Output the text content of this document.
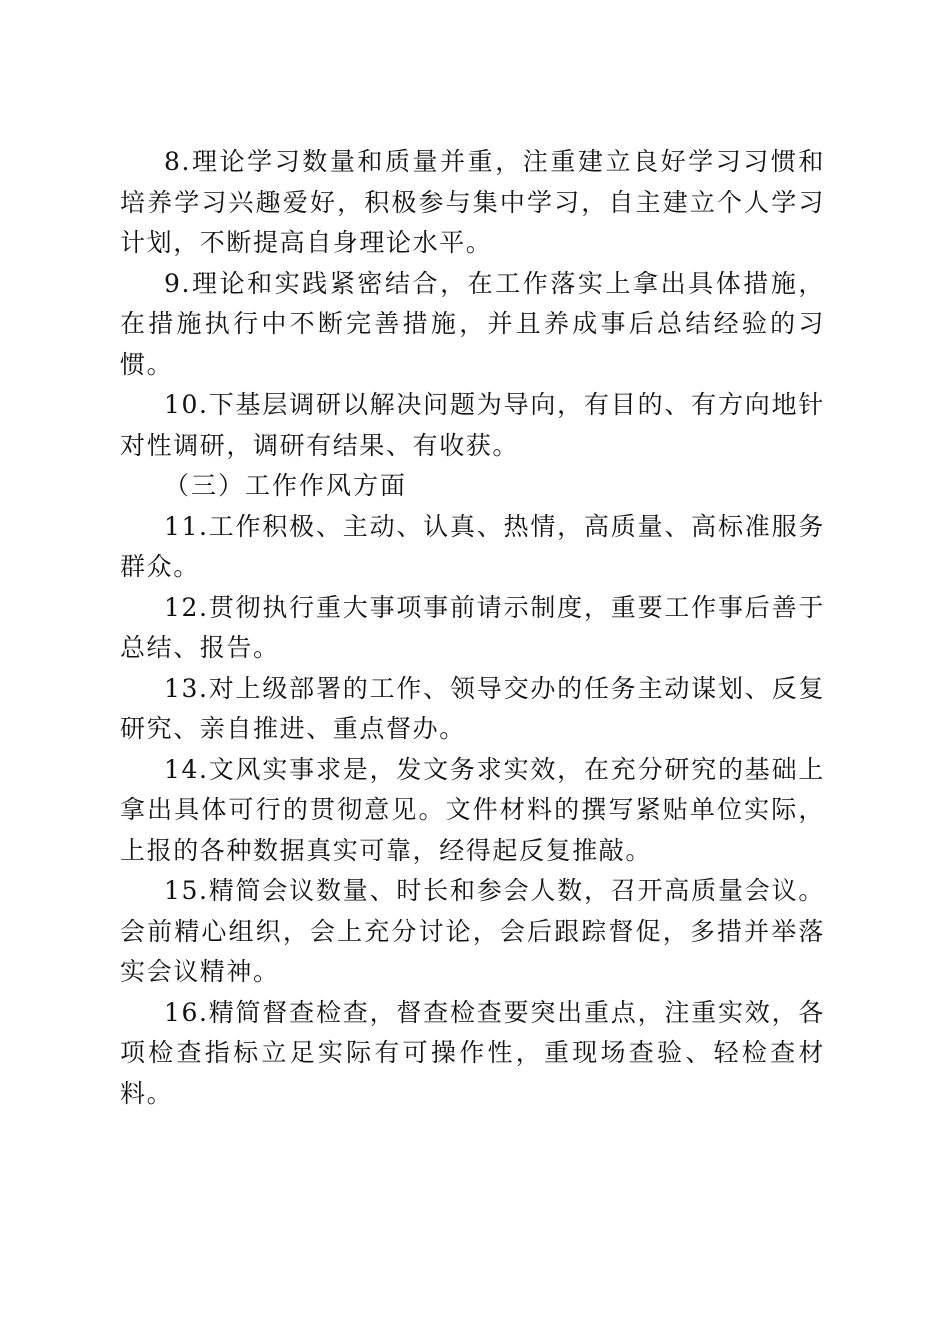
8.理论学习数量和质量并重，注重建立良好学习习惯和培养学习兴趣爱好，积极参与集中学习，自主建立个人学习计划，不断提高自身理论水平。

9.理论和实践紧密结合，在工作落实上拿出具体措施，在措施执行中不断完善措施，并且养成事后总结经验的习惯。

10.下基层调研以解决问题为导向，有目的、有方向地针对性调研，调研有结果、有收获。

（三）工作作风方面

11.工作积极、主动、认真、热情，高质量、高标准服务群众。

12.贯彻执行重大事项事前请示制度，重要工作事后善于总结、报告。

13.对上级部署的工作、领导交办的任务主动谋划、反复研究、亲自推进、重点督办。

14.文风实事求是，发文务求实效，在充分研究的基础上拿出具体可行的贯彻意见。文件材料的撰写紧贴单位实际，上报的各种数据真实可靠，经得起反复推敲。

15.精简会议数量、时长和参会人数，召开高质量会议。会前精心组织，会上充分讨论，会后跟踪督促，多措并举落实会议精神。

16.精简督查检查，督查检查要突出重点，注重实效，各项检查指标立足实际有可操作性，重现场查验、轻检查材料。
